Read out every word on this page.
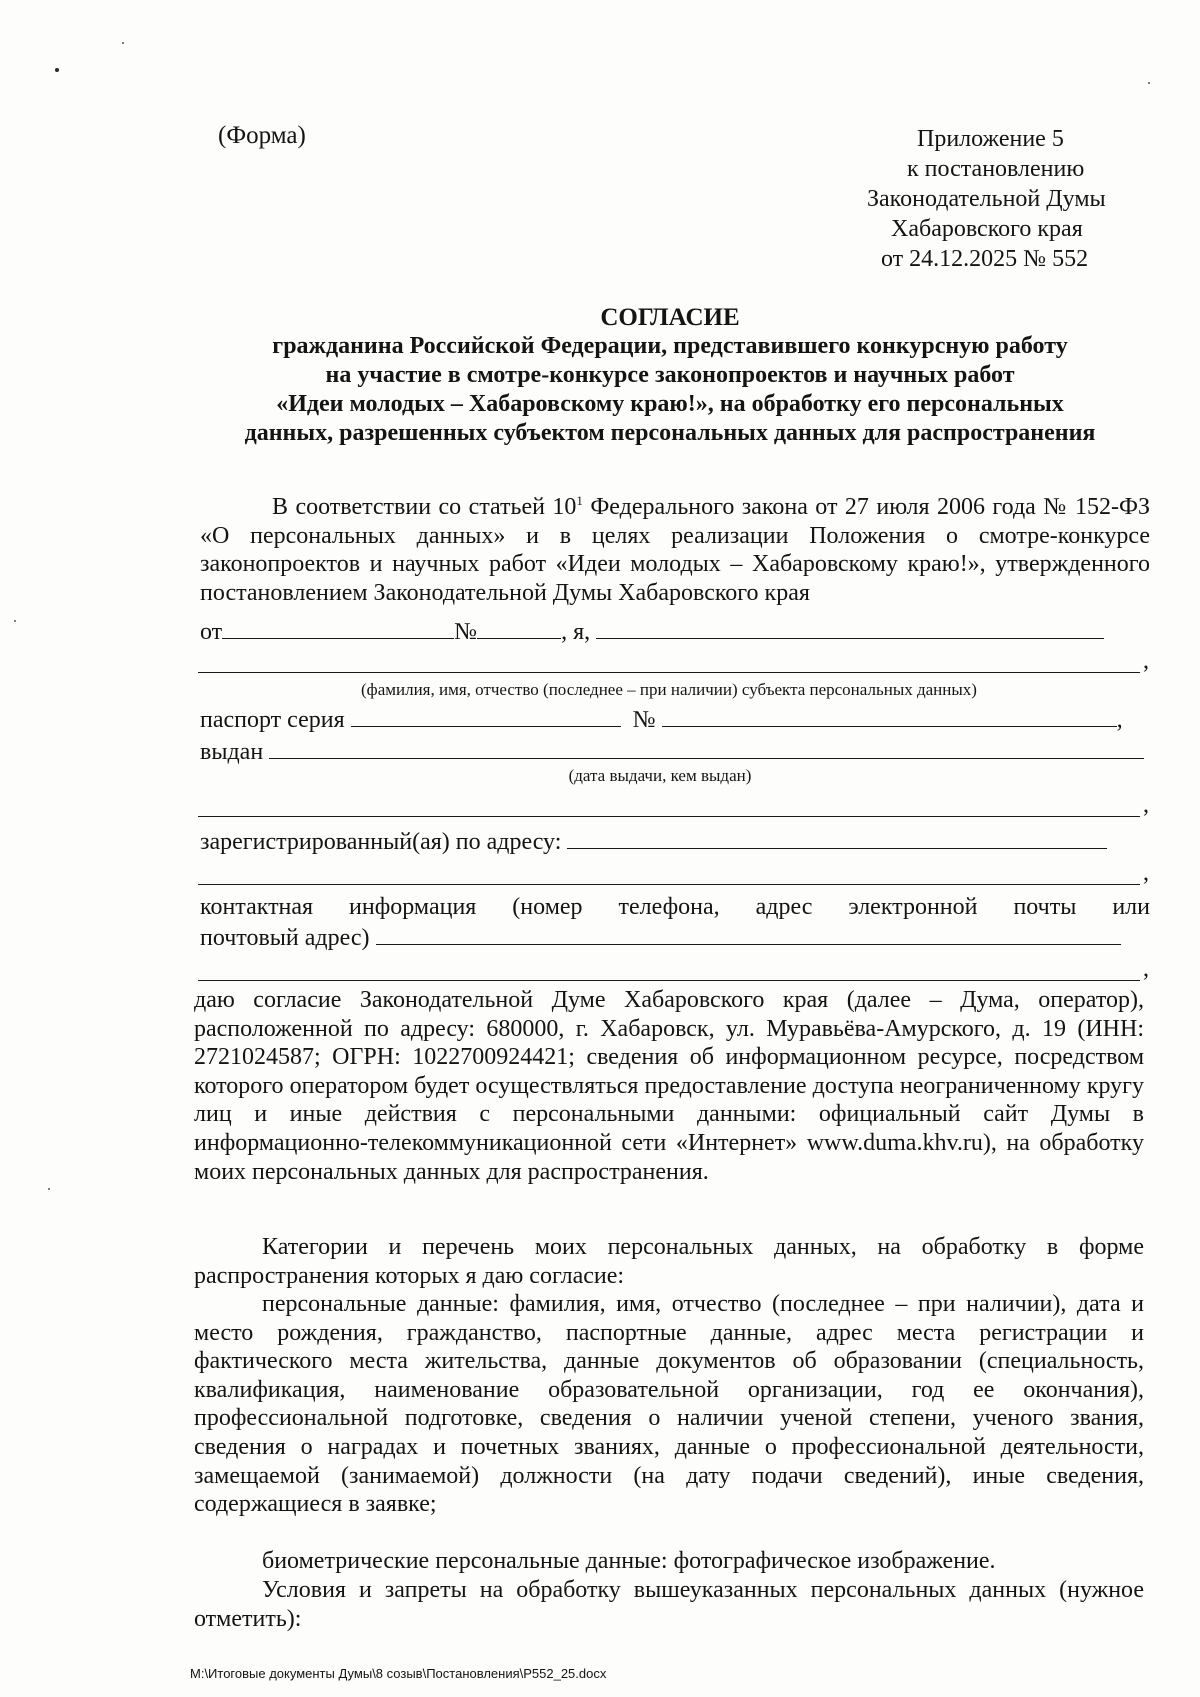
(Форма)	Приложение 5
к постановлению
Законодательной Думы
Хабаровского края
от 24.12.2025 № 552
СОГЛАСИЕ
гражданина Российской Федерации, представившего конкурсную работу
на участие в смотре-конкурсе законопроектов и научных работ
«Идеи молодых – Хабаровскому краю!», на обработку его персональных
данных, разрешенных субъектом персональных данных для распространения
В соответствии со статьей $10^1$ Федерального закона от 27 июля 2006 года № 152-ФЗ «О персональных данных» и в целях реализации Положения о смотре-конкурсе законопроектов и научных работ «Идеи молодых – Хабаровскому краю!», утвержденного постановлением Законодательной Думы Хабаровского края
от	№	, я,
,
(фамилия, имя, отчество (последнее – при наличии) субъекта персональных данных)
паспорт серия	№	,
выдан
(дата выдачи, кем выдан)
,
зарегистрированный(ая) по адресу:
,
контактная информация (номер телефона, адрес электронной почты или
почтовый адрес)
,
даю согласие Законодательной Думе Хабаровского края (далее – Дума, оператор), расположенной по адресу: 680000, г. Хабаровск, ул. Муравьёва-Амурского, д. 19 (ИНН: 2721024587; ОГРН: 1022700924421; сведения об информационном ресурсе, посредством которого оператором будет осуществляться предоставление доступа неограниченному кругу лиц и иные действия с персональными данными: официальный сайт Думы в информационно-телекоммуникационной сети «Интернет» www.duma.khv.ru), на обработку моих персональных данных для распространения.
Категории и перечень моих персональных данных, на обработку в форме распространения которых я даю согласие:
персональные данные: фамилия, имя, отчество (последнее – при наличии), дата и место рождения, гражданство, паспортные данные, адрес места регистрации и фактического места жительства, данные документов об образовании (специальность, квалификация, наименование образовательной организации, год ее окончания), профессиональной подготовке, сведения о наличии ученой степени, ученого звания, сведения о наградах и почетных званиях, данные о профессиональной деятельности, замещаемой (занимаемой) должности (на дату подачи сведений), иные сведения, содержащиеся в заявке;
биометрические персональные данные: фотографическое изображение.
Условия и запреты на обработку вышеуказанных персональных данных (нужное отметить):
M:\Итоговые документы Думы\8 созыв\Постановления\P552_25.docx
